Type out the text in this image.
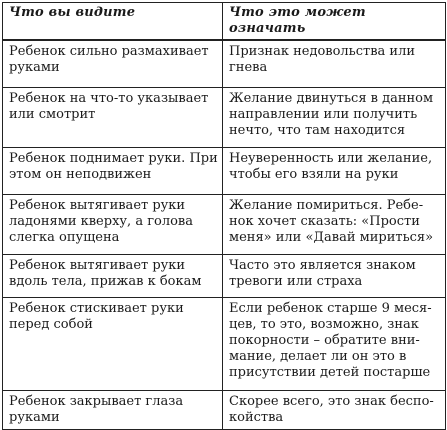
Что вы видите	Что это может означать

Ребенок сильно размахивает
руками	Признак недовольства или
гнева

Ребенок на что-то указывает
или смотрит	Желание двинуться в данном
направлении или получить
нечто, что там находится

Ребенок поднимает руки. При
этом он неподвижен	Неуверенность или желание,
чтобы его взяли на руки

Ребенок вытягивает руки
ладонями кверху, а голова
слегка опущена	Желание помириться. Ребе-
нок хочет сказать: «Прости
меня» или «Давай мириться»

Ребенок вытягивает руки
вдоль тела, прижав к бокам	Часто это является знаком
тревоги или страха

Ребенок стискивает руки
перед собой	Если ребенок старше 9 меся-
цев, то это, возможно, знак
покорности – обратите вни-
мание, делает ли он это в
присутствии детей постарше

Ребенок закрывает глаза
руками	Скорее всего, это знак беспо-
койства
